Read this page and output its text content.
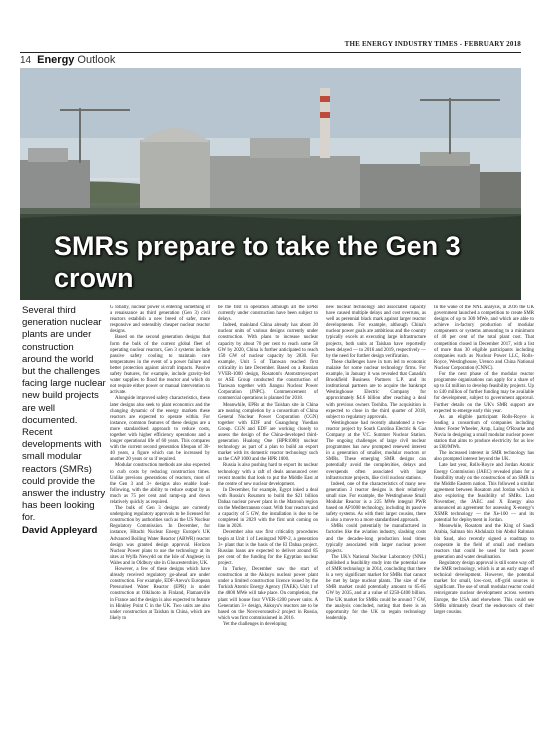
THE ENERGY INDUSTRY TIMES - FEBRUARY 2018
14 Energy Outlook
SMRs prepare to take the Gen 3 crown
Several third generation nuclear plants are under construction around the world but the challenges facing large nuclear new build projects are well documented. Recent developments with small modular reactors (SMRs) could provide the answer the industry has been looking for.
David Appleyard

G lobally, nuclear power is entering something of a renaissance as third generation (Gen 3) civil reactors establish a new breed of safer, more responsive and ostensibly cheaper nuclear reactor designs.

Based on the second generation designs that form the bulk of the current global fleet of operating nuclear reactors, Gen 3 systems include passive safety cooling to maintain core temperatures in the event of a power failure and better protection against aircraft impacts. Passive safety features, for example, include gravity-fed water supplies to flood the reactor and which do not require either power or manual intervention to activate.

Alongside improved safety characteristics, these later designs also seek to plant economics and the changing dynamic of the energy markets these reactors are expected to operate within. For instance, common features of these designs are a more standardised approach to reduce costs, together with higher efficiency operations and a longer operational life of 60 years. This compares with the current second generation lifespan of 30-40 years, a figure which can be increased by another 20 years or so if required.

Modular construction methods are also expected to curb costs by reducing construction times. Unlike previous generations of reactors, most of the Gen 3 and 3+ designs also enable load-following, with the ability to reduce output by as much as 75 per cent and ramp-up and down relatively quickly as required.

The bulk of Gen 3 designs are currently undergoing regulatory approvals to be licensed for construction by authorities such as the US Nuclear Regulatory Commission. In December, for instance, Hitachi Nuclear Energy Europe's UK Advanced Boiling Water Reactor (ABWR) reactor design was granted design approval. Horizon Nuclear Power plans to use the technology at its sites at Wylfa Newydd on the Isle of Anglesey in Wales and in Oldbury site in Gloucestershire, UK.

However, a few of these designs which have already received regulatory go-ahead are under construction. For example, EDF-Areva's European Pressurised Water Reactor (EPR) is under construction at Olkiluoto in Finland, Flamanville in France and the design is also expected to feature in Hinkley Point C in the UK. Two units are also under construction at Taishan in China, which are likely to

be the first in operation although all the EPRs currently under construction have been subject to delays.

Indeed, mainland China already has about 20 nuclear units of various designs currently under construction. With plans to increase nuclear capacity by about 70 per cent to reach some 58 GW by 2020, China is further anticipated to reach 150 GW of nuclear capacity by 2030. For example, Unit 5 of Tianwan reached first criticality in late December. Based on a Russian VVER-1000 design, Rosatom's Atomstroyexport or ASE Group conducted the construction of Tianwan together with Jiangsu Nuclear Power Corporation (JNPC). Commencement of commercial operations is planned for 2018.

Meanwhile, EPRs at the Taishan site in China are nearing completion by a consortium of China General Nuclear Power Corporation (CGN) together with EDF and Guangdong Yuedian Group. CGN and EDF are working closely to assess the design of the China-developed third-generation Hualong One (HPR1000) nuclear technology as part of a plan to build an export market with its domestic reactor technology such as the CAP 1000 and the HPR 1000.

Russia is also pushing hard to export its nuclear technology with a raft of deals announced over recent months that look to put the Middle East at the centre of new nuclear development.

In December, for example, Egypt inked a deal with Russia's Rosatom to build the $21 billion Dabaa nuclear power plant in the Matrouh region on the Mediterranean coast. With four reactors and a capacity of 5 GW, the installation is due to be completed in 2029 with the first unit coming on line in 2026.

December also saw first criticality procedures begin at Unit 1 of Leningrad NPP-2, a generation 3+ plant that is the basis of the El Dabaa project. Russian loans are expected to deliver around 85 per cent of the funding for the Egyptian nuclear project.

In Turkey, December saw the start of construction at the Akkuyu nuclear power plant under a limited construction licence issued by the Turkish Atomic Energy Agency (TAEK). Unit 1 of the 4800 MWe will take place. On completion, the plant will house four VVER-1200 power units. A Generation 3+ design, Akkuyu's reactors are to be based on the Novovoronezh-2 project in Russia, which was first commissioned in 2016.

Yet the challenges in developing

new nuclear technology and associated capacity have caused multiple delays and cost overruns, as well as perennial black mark against larger reactor developments. For example, although China's nuclear power goals are ambitious and the country typically excels at executing large infrastructure projects, both units at Taishan have reportedly been delayed — to 2016 and 2019, respectively — by the need for further design verification.

These challenges have in turn led to economic malaise for some nuclear technology firms. For example, in January it was revealed that Canada's Brookfield Business Partners L.P. and its institutional partners are to acquire the bankrupt Westinghouse Electric Company for approximately $4.6 billion after reaching a deal with previous owners Toshiba. The acquisition is expected to close in the third quarter of 2018, subject to regulatory approvals.

Westinghouse had recently abandoned a two-reactor project by South Carolina Electric & Gas Company at the V.C. Summer Nuclear Station. The ongoing challenges of large civil nuclear programmes has now prompted renewed interest in a generation of smaller, modular reactors or SMRs. These emerging SMR designs can potentially avoid the complexities, delays and overspends often associated with large infrastructure projects, like civil nuclear stations.

Indeed, one of the characteristics of many new generation 3 reactor designs is their relatively small size. For example, the Westinghouse Small Modular Reactor is a 225 MWe integral PWR based on AP1000 technology, including its passive safety systems. As with their larger cousins, there is also a move to a more standardised approach.

SMRs could potentially be manufactured in factories like the aviation industry, slashing costs and the decades-long production lead times typically associated with larger nuclear power projects.

The UK's National Nuclear Laboratory (NNL) published a feasibility study into the potential use of SMR technology in 2014, concluding that there is a very significant market for SMRs that cannot be met by large nuclear plants. The size of the SMR market could potentially amount to 65-85 GW by 2035, and at a value of £250-£400 billion. The UK market for SMRs could be around 7 GW, the analysis concluded, noting that there is an opportunity for the UK to regain technology leadership.

In the wake of the NNL analysis, in 2016 the UK government launched a competition to create SMR designs of up to 300 MWe, and which are able to achieve in-factory production of modular components or systems amounting to a minimum of 40 per cent of the total plant cost. That competition closed in December 2017, with a list of more than 30 eligible participants including companies such as Nuclear Power LLC, Rolls-Royce, Westinghouse, Urenco and China National Nuclear Corporation (CNNC).

For the next phase of the modular reactor programme organisations can apply for a share of up to £4 million to develop feasibility projects. Up to £40 million of further funding may be available for development, subject to government approval. Further details on the UK's SMR support are expected to emerge early this year.

As an eligible participant Rolls-Royce is leading a consortium of companies including Amec Foster Wheeler, Arup, Laing O'Rourke and Nuvia in designing a small modular nuclear power station that aims to produce electricity for as low as £60/MWh.

The increased interest in SMR technology has also prompted interest beyond the UK.

Late last year, Rolls-Royce and Jordan Atomic Energy Commission (JAEC) revealed plans for a feasibility study on the construction of an SMR in the Middle Eastern nation. This followed a similar agreement between Rosatom and Jordan which is also exploring the feasibility of SMRs. Last November, the JAEC and X Energy also announced an agreement for assessing X-energy's XSMR technology — the Xe-100 — and its potential for deployment in Jordan.

Meanwhile, Rosatom and the King of Saudi Arabia, Salman bin Abdulaziz bin Abdul Rahman bin Saud, also recently signed a roadmap to cooperate in the field of small and medium reactors that could be used for both power generation and water desalination.

Regulatory design approval is still some way off the SMR technology, which is at an early stage of technical development. However, the potential market for small, low-cost, off-grid sources is significant. The use of small modular reactor could reinvigorate nuclear development across western Europe, the USA and elsewhere. This could see SMRs ultimately dwarf the endeavours of their larger cousins.
